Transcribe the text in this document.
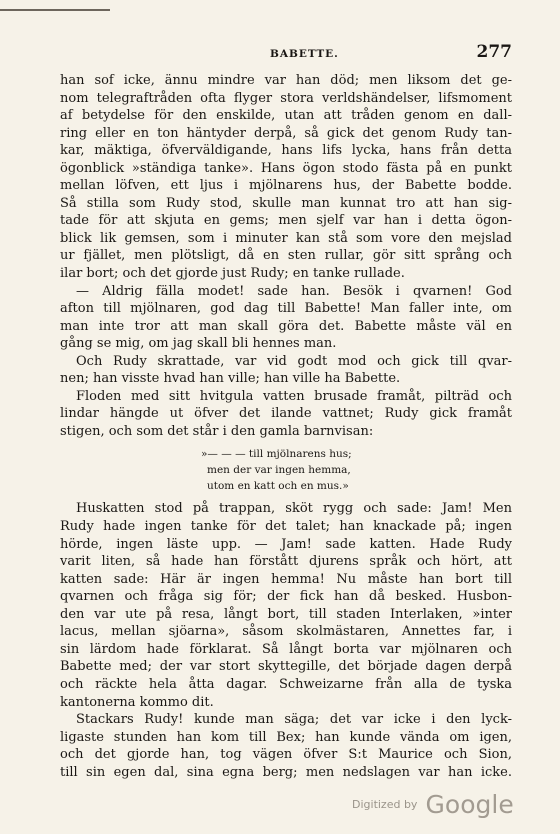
BABETTE.	277
han sof icke, ännu mindre var han död; men liksom det ge-
nom telegraftråden ofta flyger stora verldshändelser, lifsmoment
af betydelse för den enskilde, utan att tråden genom en dall-
ring eller en ton häntyder derpå, så gick det genom Rudy tan-
kar, mäktiga, öfverväldigande, hans lifs lycka, hans från detta
ögonblick »ständiga tanke». Hans ögon stodo fästa på en punkt
mellan löfven, ett ljus i mjölnarens hus, der Babette bodde.
Så stilla som Rudy stod, skulle man kunnat tro att han sig-
tade för att skjuta en gems; men sjelf var han i detta ögon-
blick lik gemsen, som i minuter kan stå som vore den mejslad
ur fjället, men plötsligt, då en sten rullar, gör sitt språng och
ilar bort; och det gjorde just Rudy; en tanke rullade.
— Aldrig fälla modet! sade han. Besök i qvarnen! God
afton till mjölnaren, god dag till Babette! Man faller inte, om
man inte tror att man skall göra det. Babette måste väl en
gång se mig, om jag skall bli hennes man.
Och Rudy skrattade, var vid godt mod och gick till qvar-
nen; han visste hvad han ville; han ville ha Babette.
Floden med sitt hvitgula vatten brusade framåt, pilträd och
lindar hängde ut öfver det ilande vattnet; Rudy gick framåt
stigen, och som det står i den gamla barnvisan:
»— — — till mjölnarens hus;
men der var ingen hemma,
utom en katt och en mus.»
Huskatten stod på trappan, sköt rygg och sade: Jam! Men
Rudy hade ingen tanke för det talet; han knackade på; ingen
hörde, ingen läste upp. — Jam! sade katten. Hade Rudy
varit liten, så hade han förstått djurens språk och hört, att
katten sade: Här är ingen hemma! Nu måste han bort till
qvarnen och fråga sig för; der fick han då besked. Husbon-
den var ute på resa, långt bort, till staden Interlaken, »inter
lacus, mellan sjöarna», såsom skolmästaren, Annettes far, i
sin lärdom hade förklarat. Så långt borta var mjölnaren och
Babette med; der var stort skyttegille, det började dagen derpå
och räckte hela åtta dagar. Schweizarne från alla de tyska
kantonerna kommo dit.
Stackars Rudy! kunde man säga; det var icke i den lyck-
ligaste stunden han kom till Bex; han kunde vända om igen,
och det gjorde han, tog vägen öfver S:t Maurice och Sion,
till sin egen dal, sina egna berg; men nedslagen var han icke.
Digitized by Google
